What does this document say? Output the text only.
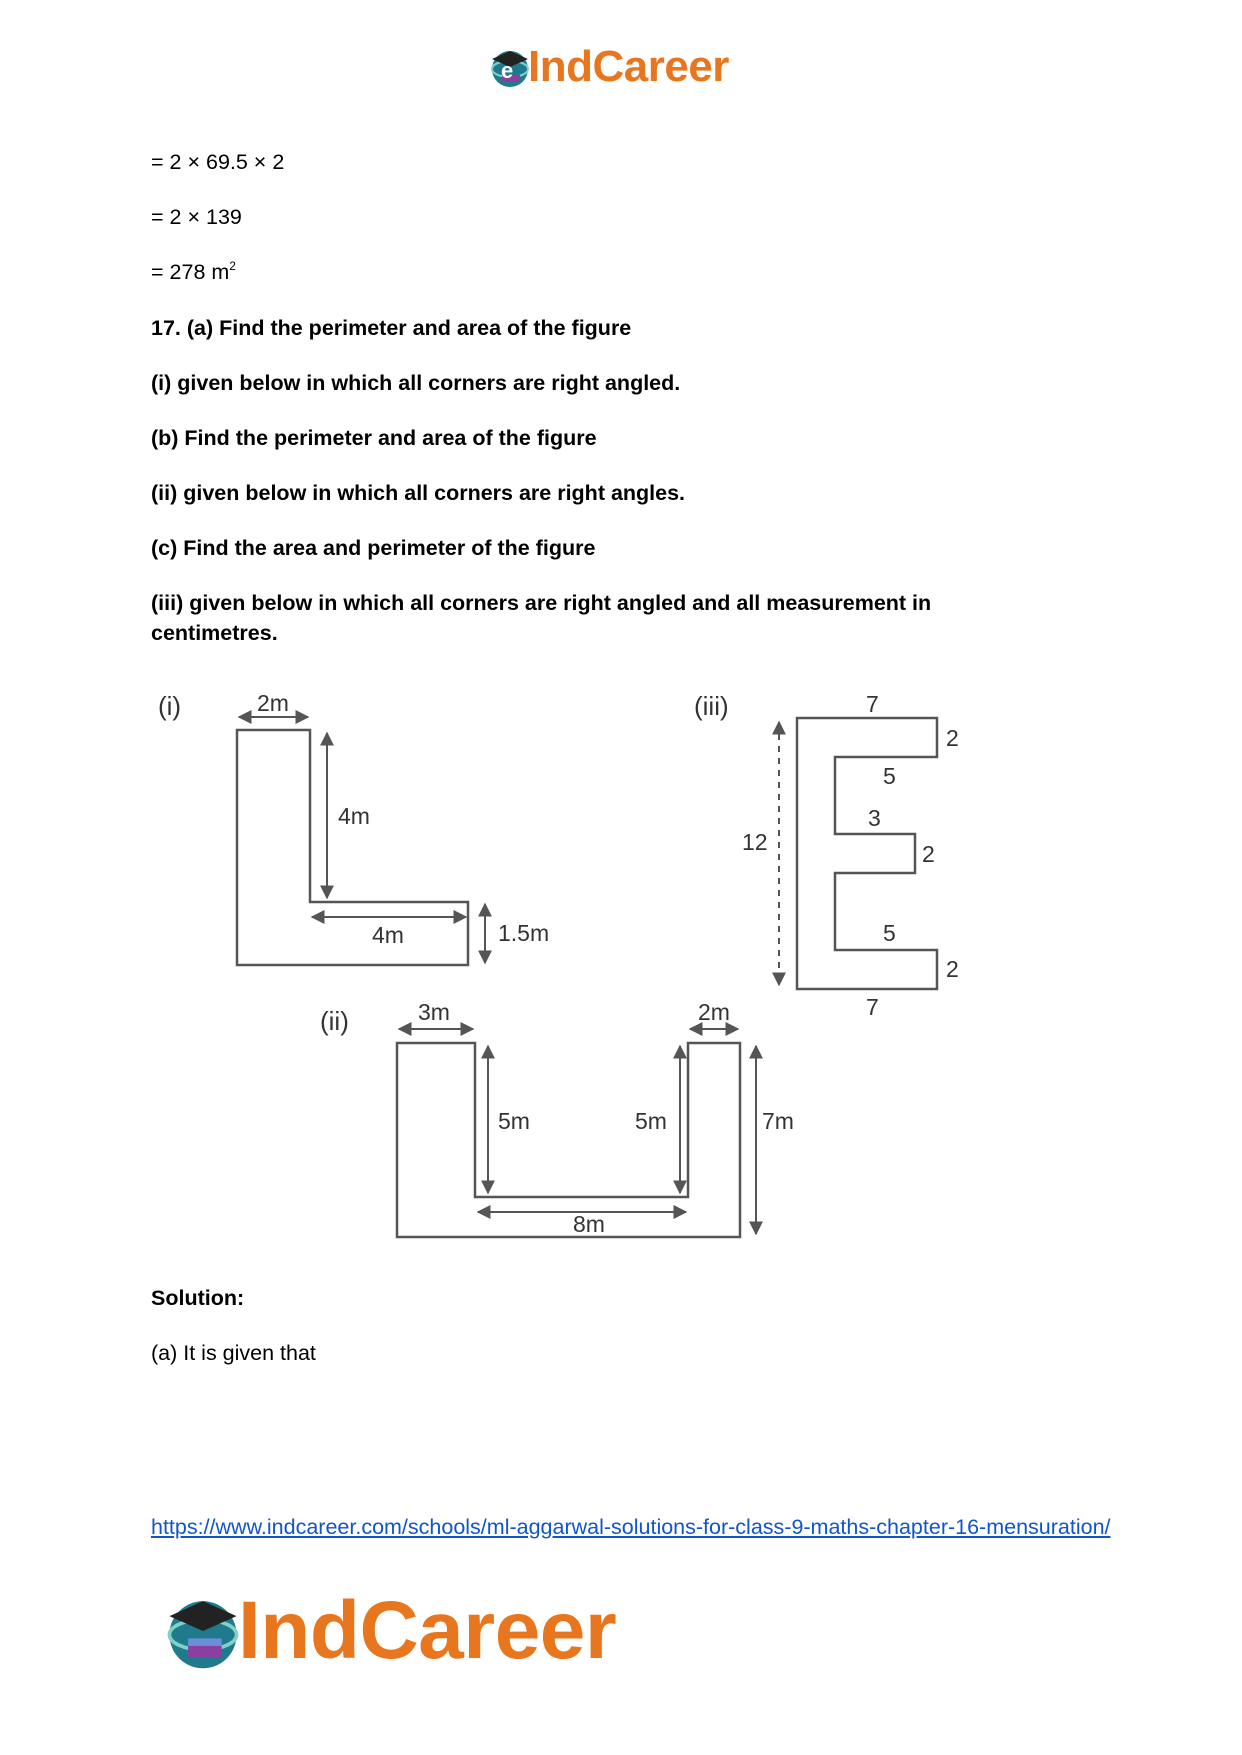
e IndCareer
= 2 × 69.5 × 2
= 2 × 139
= 278 $m^2$
17. (a) Find the perimeter and area of the figure
(i) given below in which all corners are right angled.
(b) Find the perimeter and area of the figure
(ii) given below in which all corners are right angles.
(c) Find the area and perimeter of the figure
(iii) given below in which all corners are right angled and all measurement in centimetres.
(i)	2m
4m
4m	1.5m
(ii)	3m	2m
5m	5m	7m
8m
(iii)	7
12
2
5
3
2
5
2
7
Solution:
(a) It is given that
https://www.indcareer.com/schools/ml-aggarwal-solutions-for-class-9-maths-chapter-16-mensuration/
IndCareer
